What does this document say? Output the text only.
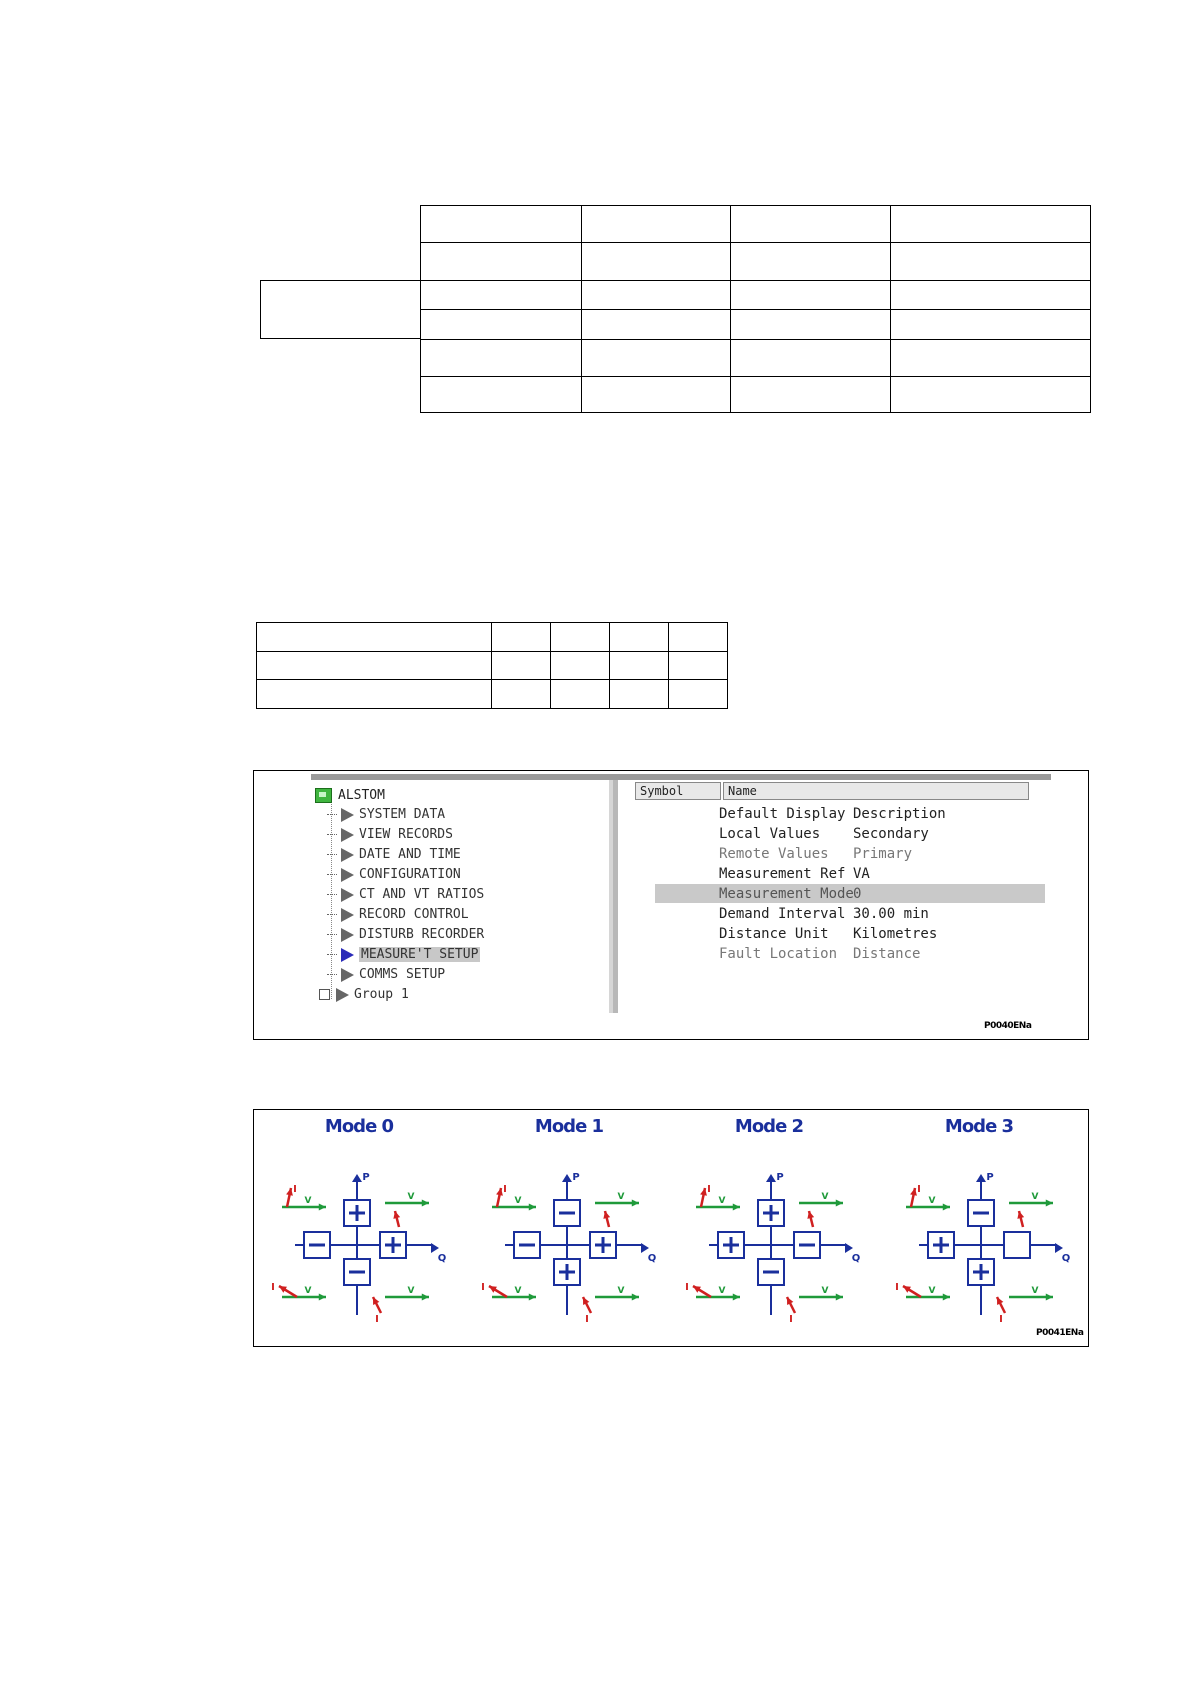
ALSTOM
SYSTEM DATA
VIEW RECORDS
DATE AND TIME
CONFIGURATION
CT AND VT RATIOS
RECORD CONTROL
DISTURB RECORDER
MEASURE'T SETUP
COMMS SETUP
Group 1
Symbol	Name
Default Display Description
Local Values	Secondary
Remote Values	Primary
Measurement Ref VA
Measurement Mode 0
Demand Interval 30.00 min
Distance Unit	Kilometres
Fault Location	Distance
P0040ENa
Mode 0	Mode 1	Mode 2	Mode 3
P
Q
V	V
V	V
I
I
I
P
Q
V	V
V	V
I
I
I
P
Q
V	V
V	V
I
I
I
P
Q
V	V
V	V
I
I
I
P0041ENa
